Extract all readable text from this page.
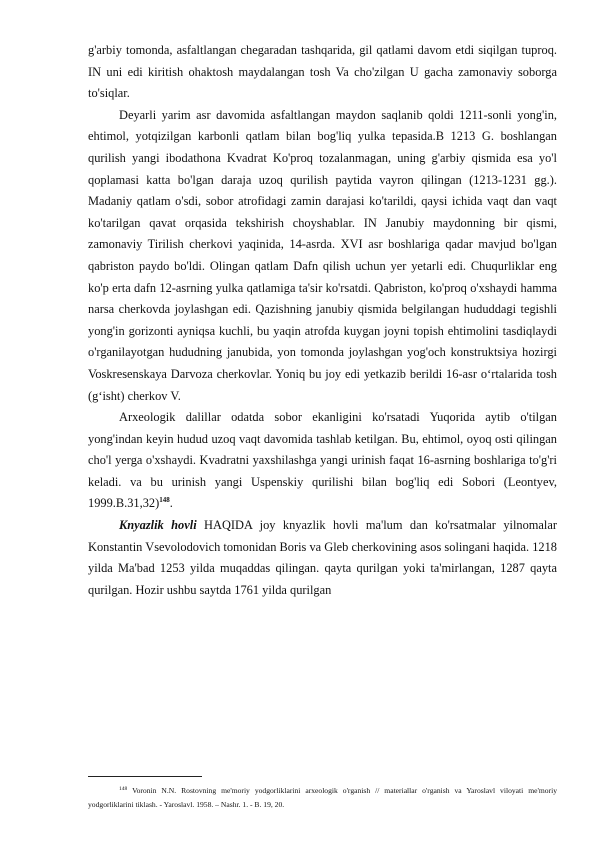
g'arbiy tomonda, asfaltlangan chegaradan tashqarida, gil qatlami davom etdi siqilgan tuproq. IN uni edi kiritish ohaktosh maydalangan tosh Va cho'zilgan U gacha zamonaviy soborga to'siqlar.

Deyarli yarim asr davomida asfaltlangan maydon saqlanib qoldi 1211-sonli yong'in, ehtimol, yotqizilgan karbonli qatlam bilan bog'liq yulka tepasida.B 1213 G. boshlangan qurilish yangi ibodathona Kvadrat Ko'proq tozalanmagan, uning g'arbiy qismida esa yo'l qoplamasi katta bo'lgan daraja uzoq qurilish paytida vayron qilingan (1213-1231 gg.). Madaniy qatlam o'sdi, sobor atrofidagi zamin darajasi ko'tarildi, qaysi ichida vaqt dan vaqt ko'tarilgan qavat orqasida tekshirish choyshablar. IN Janubiy maydonning bir qismi, zamonaviy Tirilish cherkovi yaqinida, 14-asrda. XVI asr boshlariga qadar mavjud bo'lgan qabriston paydo bo'ldi. Olingan qatlam Dafn qilish uchun yer yetarli edi. Chuqurliklar eng ko'p erta dafn 12-asrning yulka qatlamiga ta'sir ko'rsatdi. Qabriston, ko'proq o'xshaydi hamma narsa cherkovda joylashgan edi. Qazishning janubiy qismida belgilangan hududdagi tegishli yong'in gorizonti ayniqsa kuchli, bu yaqin atrofda kuygan joyni topish ehtimolini tasdiqlaydi o'rganilayotgan hududning janubida, yon tomonda joylashgan yog'och konstruktsiya hozirgi Voskresenskaya Darvoza cherkovlar. Yoniq bu joy edi yetkazib berildi 16-asr o‘rtalarida tosh (g‘isht) cherkov V.

Arxeologik dalillar odatda sobor ekanligini ko'rsatadi Yuqorida aytib o'tilgan yong'indan keyin hudud uzoq vaqt davomida tashlab ketilgan. Bu, ehtimol, oyoq osti qilingan cho'l yerga o'xshaydi. Kvadratni yaxshilashga yangi urinish faqat 16-asrning boshlariga to'g'ri keladi. va bu urinish yangi Uspenskiy qurilishi bilan bog'liq edi Sobori (Leontyev, 1999.B.31,32)$^{148}$.

Knyazlik hovli HAQIDA joy knyazlik hovli ma'lum dan ko'rsatmalar yilnomalar Konstantin Vsevolodovich tomonidan Boris va Gleb cherkovining asos solingani haqida. 1218 yilda Ma'bad 1253 yilda muqaddas qilingan. qayta qurilgan yoki ta'mirlangan, 1287 qayta qurilgan. Hozir ushbu saytda 1761 yilda qurilgan

$^{148}$ Voronin N.N. Rostovning me'moriy yodgorliklarini arxeologik o'rganish // materiallar o'rganish va Yaroslavl viloyati me'moriy yodgorliklarini tiklash. - Yaroslavl. 1958. – Nashr. 1. - B. 19, 20.
